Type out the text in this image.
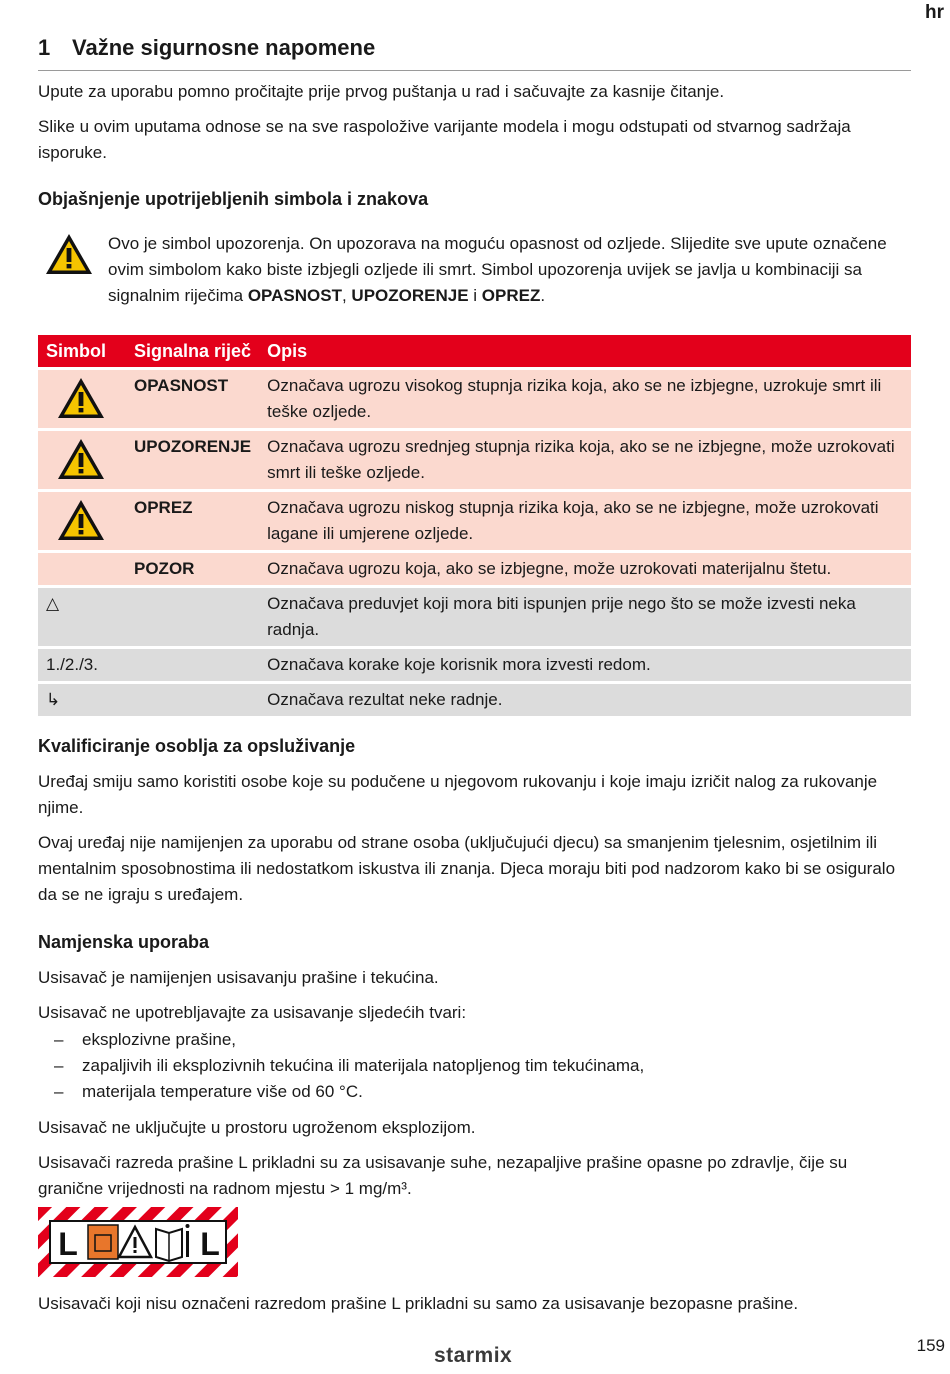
hr
1 Važne sigurnosne napomene

Upute za uporabu pomno pročitajte prije prvog puštanja u rad i sačuvajte za kasnije čitanje.

Slike u ovim uputama odnose se na sve raspoložive varijante modela i mogu odstupati od stvarnog sadržaja isporuke.

Objašnjenje upotrijebljenih simbola i znakova

Ovo je simbol upozorenja. On upozorava na moguću opasnost od ozljede. Slijedite sve upute označene ovim simbolom kako biste izbjegli ozljede ili smrt. Simbol upozorenja uvijek se javlja u kombinaciji sa signalnim riječima OPASNOST, UPOZORENJE i OPREZ.

Simbol	Signalna riječ	Opis

	OPASNOST	Označava ugrozu visokog stupnja rizika koja, ako se ne izbjegne, uzrokuje smrt ili teške ozljede.

	UPOZORENJE	Označava ugrozu srednjeg stupnja rizika koja, ako se ne izbjegne, može uzrokovati smrt ili teške ozljede.

	OPREZ	Označava ugrozu niskog stupnja rizika koja, ako se ne izbjegne, može uzrokovati lagane ili umjerene ozljede.
	POZOR	Označava ugrozu koja, ako se izbjegne, može uzrokovati materijalnu štetu.
△		Označava preduvjet koji mora biti ispunjen prije nego što se može izvesti neka radnja.
1./2./3.		Označava korake koje korisnik mora izvesti redom.
↳		Označava rezultat neke radnje.
Kvalificiranje osoblja za opsluživanje

Uređaj smiju samo koristiti osobe koje su podučene u njegovom rukovanju i koje imaju izričit nalog za rukovanje njime.

Ovaj uređaj nije namijenjen za uporabu od strane osoba (uključujući djecu) sa smanjenim tjelesnim, osjetilnim ili mentalnim sposobnostima ili nedostatkom iskustva ili znanja. Djeca moraju biti pod nadzorom kako bi se osiguralo da se ne igraju s uređajem.

Namjenska uporaba

Usisavač je namijenjen usisavanju prašine i tekućina.

Usisavač ne upotrebljavajte za usisavanje sljedećih tvari:

– eksplozivne prašine,
– zapaljivih ili eksplozivnih tekućina ili materijala natopljenog tim tekućinama,
– materijala temperature više od 60 °C.

Usisavač ne uključujte u prostoru ugroženom eksplozijom.

Usisavači razreda prašine L prikladni su za usisavanje suhe, nezapaljive prašine opasne po zdravlje, čije su granične vrijednosti na radnom mjestu > 1 mg/m³.

L	L

Usisavači koji nisu označeni razredom prašine L prikladni su samo za usisavanje bezopasne prašine.

159
starmix
